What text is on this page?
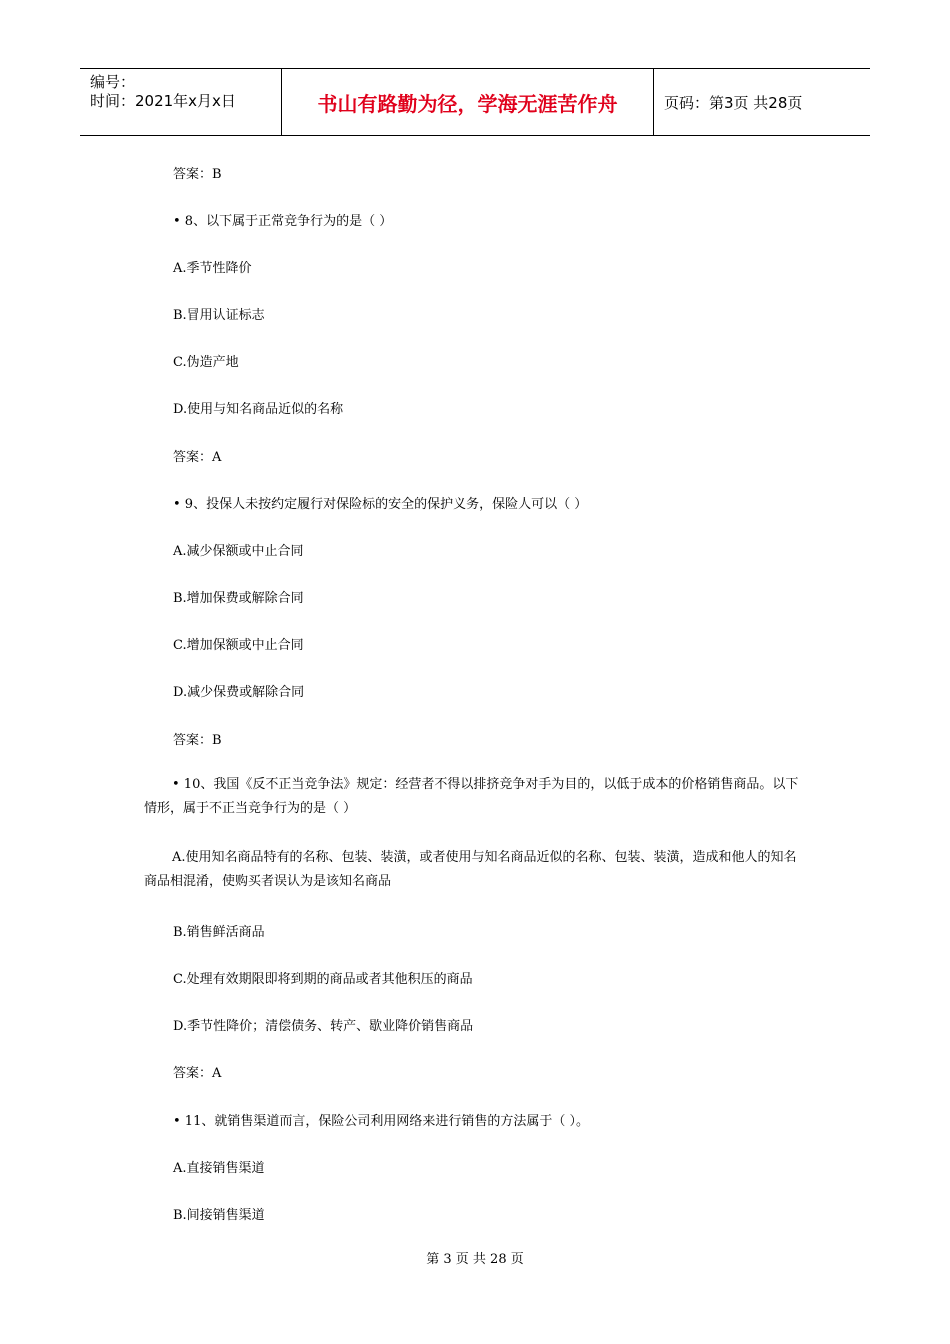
编号：
时间：2021年x月x日	书山有路勤为径，学海无涯苦作舟	页码：第3页 共28页
答案：B
• 8、以下属于正常竞争行为的是（ ）
A.季节性降价
B.冒用认证标志
C.伪造产地
D.使用与知名商品近似的名称
答案：A
• 9、投保人未按约定履行对保险标的安全的保护义务，保险人可以（ ）
A.减少保额或中止合同
B.增加保费或解除合同
C.增加保额或中止合同
D.减少保费或解除合同
答案：B
• 10、我国《反不正当竞争法》规定：经营者不得以排挤竞争对手为目的，以低于成本的价格销售商品。以下情形，属于不正当竞争行为的是（ ）
A.使用知名商品特有的名称、包装、装潢，或者使用与知名商品近似的名称、包装、装潢，造成和他人的知名商品相混淆，使购买者误认为是该知名商品
B.销售鲜活商品
C.处理有效期限即将到期的商品或者其他积压的商品
D.季节性降价；清偿债务、转产、歇业降价销售商品
答案：A
• 11、就销售渠道而言，保险公司利用网络来进行销售的方法属于（ ）。
A.直接销售渠道
B.间接销售渠道
第 3 页 共 28 页
